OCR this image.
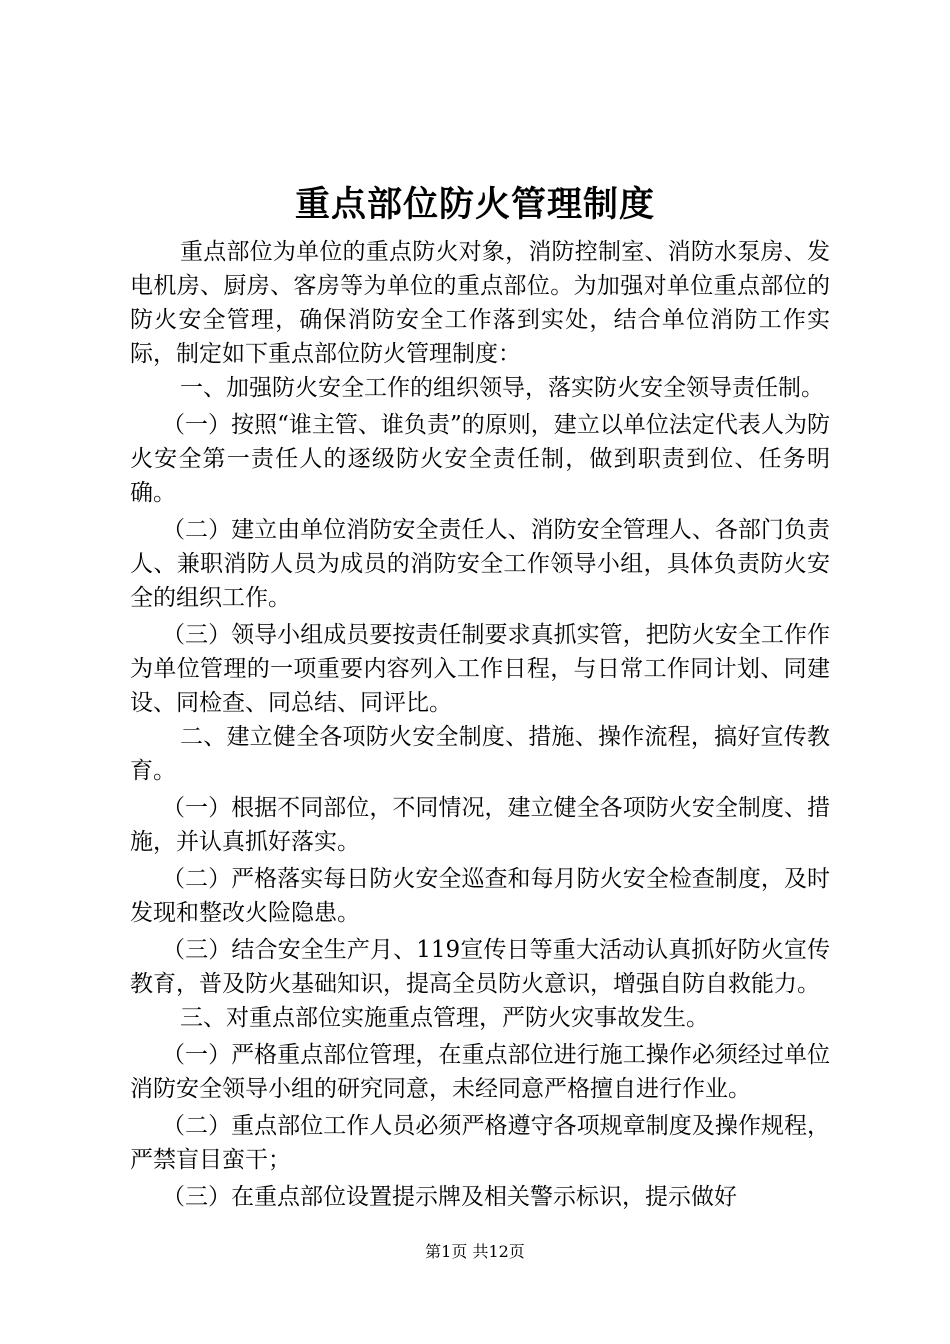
重点部位防火管理制度

重点部位为单位的重点防火对象，消防控制室、消防水泵房、发电机房、厨房、客房等为单位的重点部位。为加强对单位重点部位的防火安全管理，确保消防安全工作落到实处，结合单位消防工作实际，制定如下重点部位防火管理制度：

一、加强防火安全工作的组织领导，落实防火安全领导责任制。

（一）按照“谁主管、谁负责”的原则，建立以单位法定代表人为防火安全第一责任人的逐级防火安全责任制，做到职责到位、任务明确。

（二）建立由单位消防安全责任人、消防安全管理人、各部门负责人、兼职消防人员为成员的消防安全工作领导小组，具体负责防火安全的组织工作。

（三）领导小组成员要按责任制要求真抓实管，把防火安全工作作为单位管理的一项重要内容列入工作日程，与日常工作同计划、同建设、同检查、同总结、同评比。

二、建立健全各项防火安全制度、措施、操作流程，搞好宣传教育。

（一）根据不同部位，不同情况，建立健全各项防火安全制度、措施，并认真抓好落实。

（二）严格落实每日防火安全巡查和每月防火安全检查制度，及时发现和整改火险隐患。

（三）结合安全生产月、119宣传日等重大活动认真抓好防火宣传教育，普及防火基础知识，提高全员防火意识，增强自防自救能力。

三、对重点部位实施重点管理，严防火灾事故发生。

（一）严格重点部位管理，在重点部位进行施工操作必须经过单位消防安全领导小组的研究同意，未经同意严格擅自进行作业。

（二）重点部位工作人员必须严格遵守各项规章制度及操作规程，严禁盲目蛮干；

（三）在重点部位设置提示牌及相关警示标识，提示做好

第1页 共12页
